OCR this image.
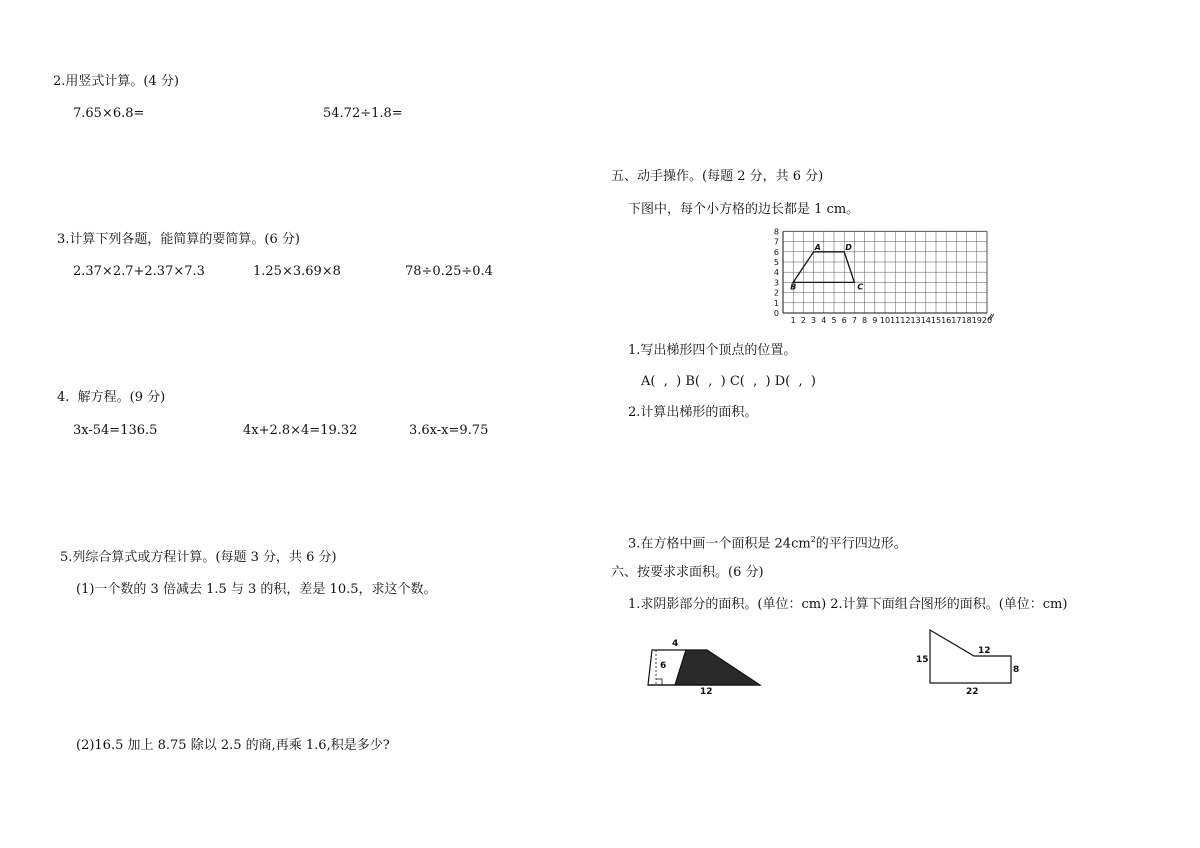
2.用竖式计算。(4 分)
7.65×6.8=	54.72÷1.8=
3.计算下列各题，能简算的要简算。(6 分)
2.37×2.7+2.37×7.3	1.25×3.69×8	78÷0.25÷0.4
4.  解方程。(9 分)
3x-54=136.5	4x+2.8×4=19.32	3.6x-x=9.75
5.列综合算式或方程计算。(每题 3 分，共 6 分)
(1)一个数的 3 倍减去 1.5 与 3 的积，差是 10.5，求这个数。
(2)16.5 加上 8.75 除以 2.5 的商,再乘 1.6,积是多少?
五、动手操作。(每题 2 分，共 6 分)
下图中，每个小方格的边长都是 1 cm。
1 2 3 4 5 6 7 8 9 10 11 12 13 14 15 16 17 18 19 20
0
1
2
3
4
5
6
7
8
A
B	C
D
1.写出梯形四个顶点的位置。
A(  ,  ) B(  ,  ) C(  ,  ) D(  ,  )
2.计算出梯形的面积。
3.在方格中画一个面积是 $24cm^2$的平行四边形。
六、按要求求面积。(6 分)
1.求阴影部分的面积。(单位：cm) 2.计算下面组合图形的面积。(单位：cm)
4
6
12
15
12
8
22
